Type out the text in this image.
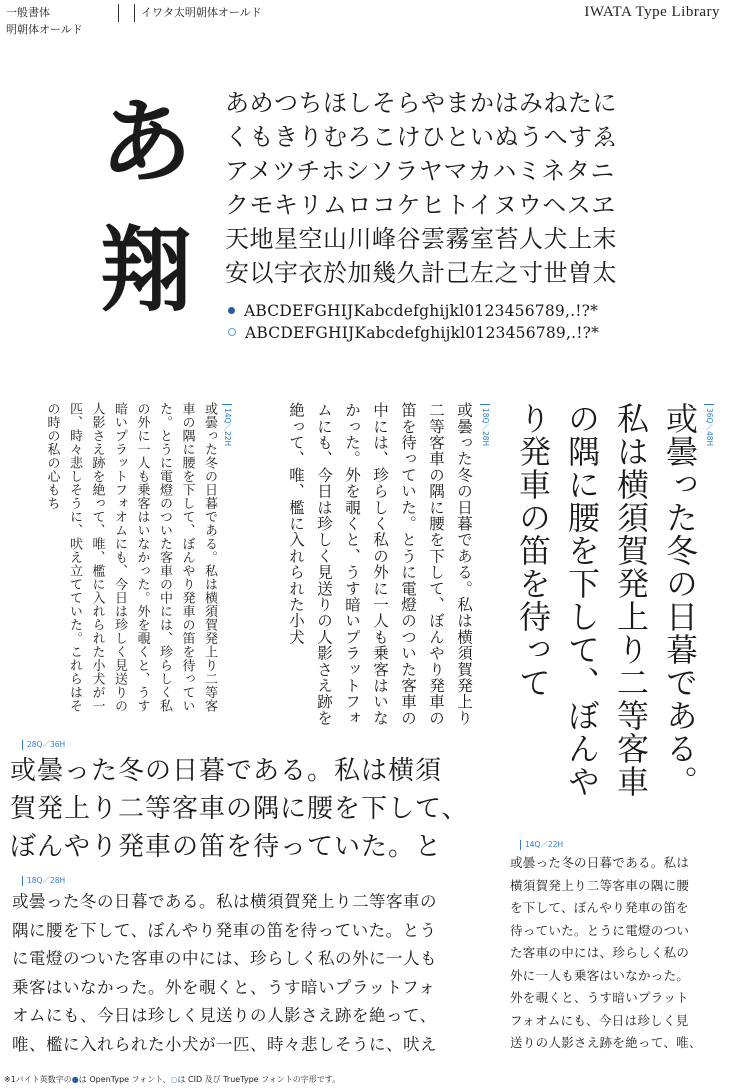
一般書体
明朝体オールド
イワタ太明朝体オールド	IWATA Type Library
あ
翔
あめつちほしそらやまかはみねたに
くもきりむろこけひといぬうへすゑ
アメツチホシソラヤマカハミネタニ
クモキリムロコケヒトイヌウヘスヱ
天地星空山川峰谷雲霧室苔人犬上末
安以宇衣於加幾久計己左之寸世曽太
ABCDEFGHIJKabcdefghijkl0123456789,.!?*
ABCDEFGHIJKabcdefghijkl0123456789,.!?*
36Q／48H
或曇った冬の日暮である。私は横須賀発上り二等客車の隅に腰を下して、ぼんやり発車の笛を待って
18Q／28H
或曇った冬の日暮である。私は横須賀発上り二等客車の隅に腰を下して、ぼんやり発車の笛を待っていた。とうに電燈のついた客車の中には、珍らしく私の外に一人も乗客はいなかった。外を覗くと、うす暗いプラットフォムにも、今日は珍しく見送りの人影さえ跡を絶って、唯、檻に入れられた小犬
14Q／22H
或曇った冬の日暮である。私は横須賀発上り二等客車の隅に腰を下して、ぼんやり発車の笛を待っていた。とうに電燈のついた客車の中には、珍らしく私の外に一人も乗客はいなかった。外を覗くと、うす暗いプラットフォオムにも、今日は珍しく見送りの人影さえ跡を絶って、唯、檻に入れられた小犬が一匹、時々悲しそうに、吠え立てていた。これらはその時の私の心もち
28Q／36H
或曇った冬の日暮である。私は横須
賀発上り二等客車の隅に腰を下して、
ぼんやり発車の笛を待っていた。と
18Q／28H
或曇った冬の日暮である。私は横須賀発上り二等客車の
隅に腰を下して、ぼんやり発車の笛を待っていた。とう
に電燈のついた客車の中には、珍らしく私の外に一人も
乗客はいなかった。外を覗くと、うす暗いプラットフォ
オムにも、今日は珍しく見送りの人影さえ跡を絶って、
唯、檻に入れられた小犬が一匹、時々悲しそうに、吠え
14Q／22H
或曇った冬の日暮である。私は
横須賀発上り二等客車の隅に腰
を下して、ぼんやり発車の笛を
待っていた。とうに電燈のつい
た客車の中には、珍らしく私の
外に一人も乗客はいなかった。
外を覗くと、うす暗いプラット
フォオムにも、今日は珍しく見
送りの人影さえ跡を絶って、唯、
※1バイト英数字の●は OpenType フォント、○は CID 及び TrueType フォントの字形です。
